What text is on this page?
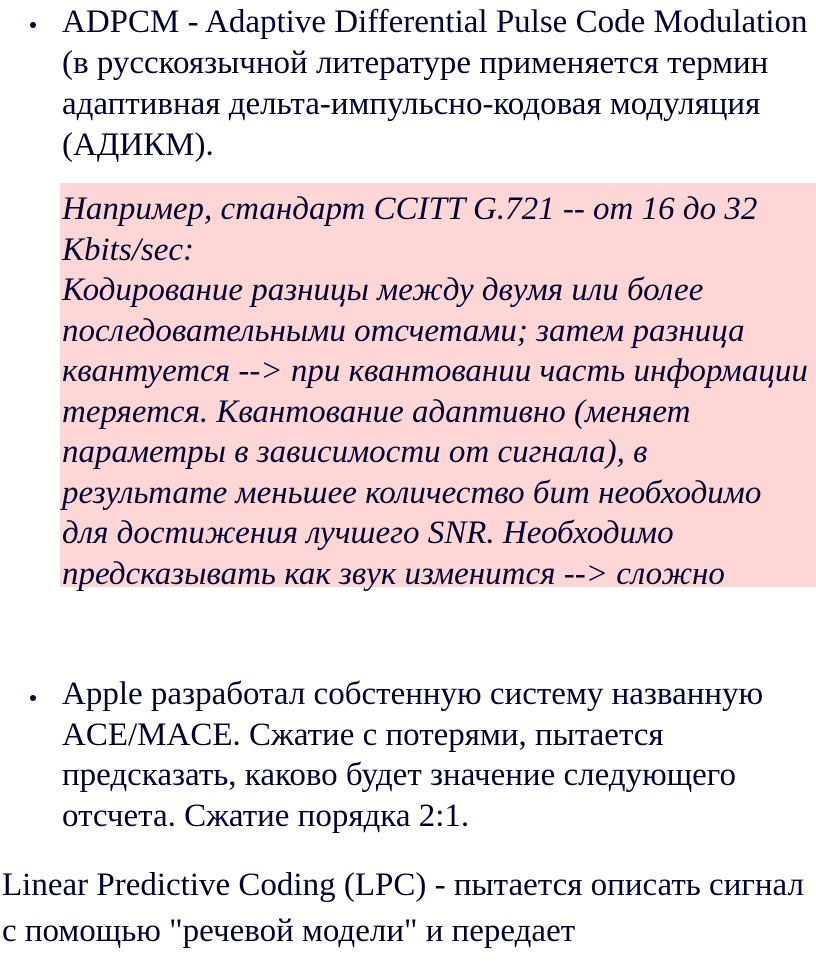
ADPCM - Adaptive Differential Pulse Code Modulation (в русскоязычной литературе применяется термин адаптивная дельта-импульсно-кодовая модуляция (АДИКМ).

Например, стандарт CCITT G.721 -- от 16 до 32 Kbits/sec:
Кодирование разницы между двумя или более последовательными отсчетами; затем разница квантуется --> при квантовании часть информации теряется. Квантование адаптивно (меняет параметры в зависимости от сигнала), в результате меньшее количество бит необходимо для достижения лучшего SNR. Необходимо предсказывать как звук изменится --> сложно

Apple разработал собстенную систему названную ACE/MACE. Сжатие с потерями, пытается предсказать, каково будет значение следующего отсчета. Сжатие порядка 2:1.

Linear Predictive Coding (LPC) - пытается описать сигнал с помощью "речевой модели" и передает
